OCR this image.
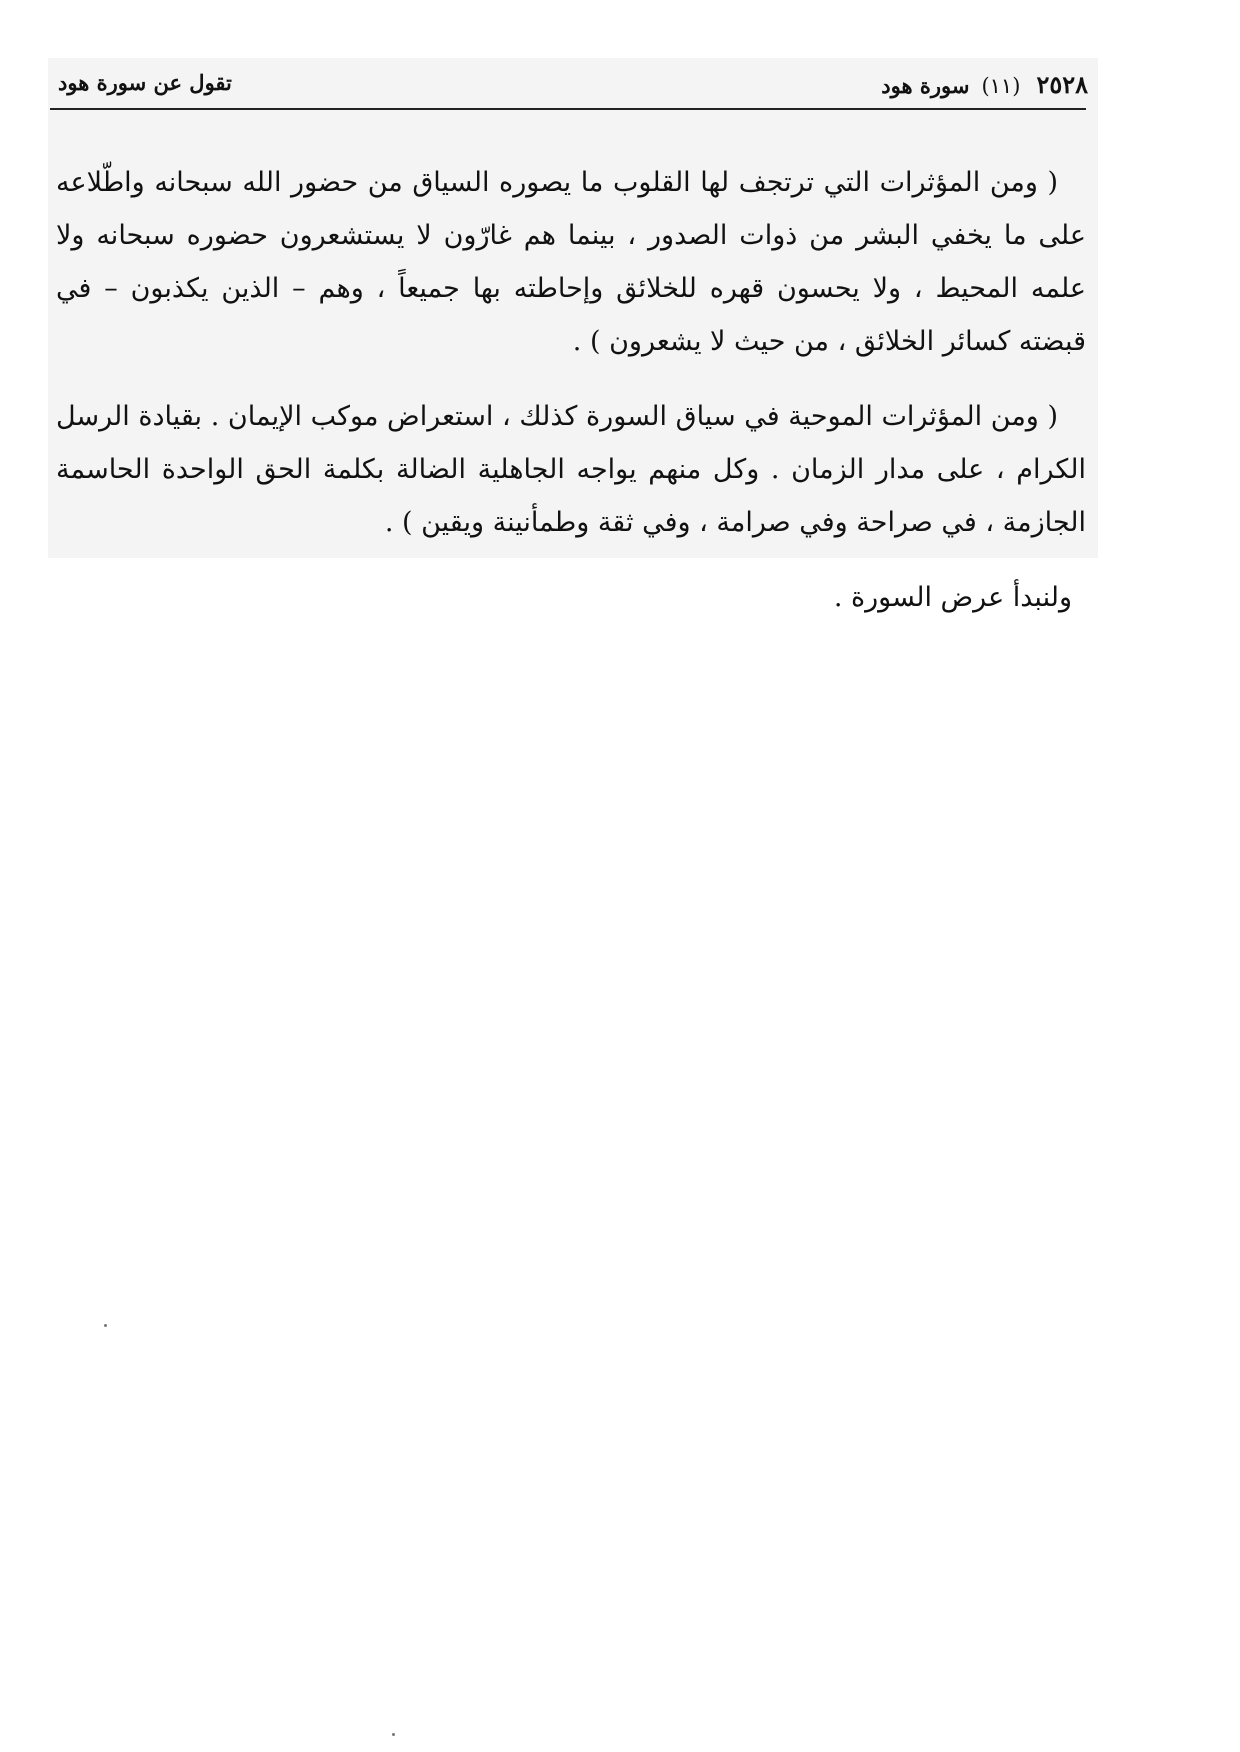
٢٥٢٨ (١١) سورة هود
تقول عن سورة هود

( ومن المؤثرات التي ترتجف لها القلوب ما يصوره السياق من حضور الله سبحانه واطّلاعه على ما يخفي البشر من ذوات الصدور ، بينما هم غارّون لا يستشعرون حضوره سبحانه ولا علمه المحيط ، ولا يحسون قهره للخلائق وإحاطته بها جميعاً ، وهم – الذين يكذبون – في قبضته كسائر الخلائق ، من حيث لا يشعرون ) .

( ومن المؤثرات الموحية في سياق السورة كذلك ، استعراض موكب الإيمان . بقيادة الرسل الكرام ، على مدار الزمان . وكل منهم يواجه الجاهلية الضالة بكلمة الحق الواحدة الحاسمة الجازمة ، في صراحة وفي صرامة ، وفي ثقة وطمأنينة ويقين ) .

ولنبدأ عرض السورة .
